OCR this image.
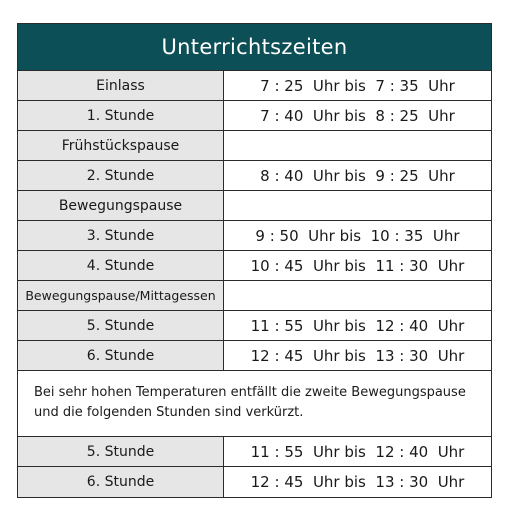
Unterrichtszeiten
Einlass	7 : 25  Uhr bis  7 : 35  Uhr
1. Stunde	7 : 40  Uhr bis  8 : 25  Uhr
Frühstückspause
2. Stunde	8 : 40  Uhr bis  9 : 25  Uhr
Bewegungspause
3. Stunde	9 : 50  Uhr bis  10 : 35  Uhr
4. Stunde	10 : 45  Uhr bis  11 : 30  Uhr
Bewegungspause/Mittagessen
5. Stunde	11 : 55  Uhr bis  12 : 40  Uhr
6. Stunde	12 : 45  Uhr bis  13 : 30  Uhr
Bei sehr hohen Temperaturen entfällt die zweite Bewegungspause und die folgenden Stunden sind verkürzt.
5. Stunde	11 : 55  Uhr bis  12 : 40  Uhr
6. Stunde	12 : 45  Uhr bis  13 : 30  Uhr
